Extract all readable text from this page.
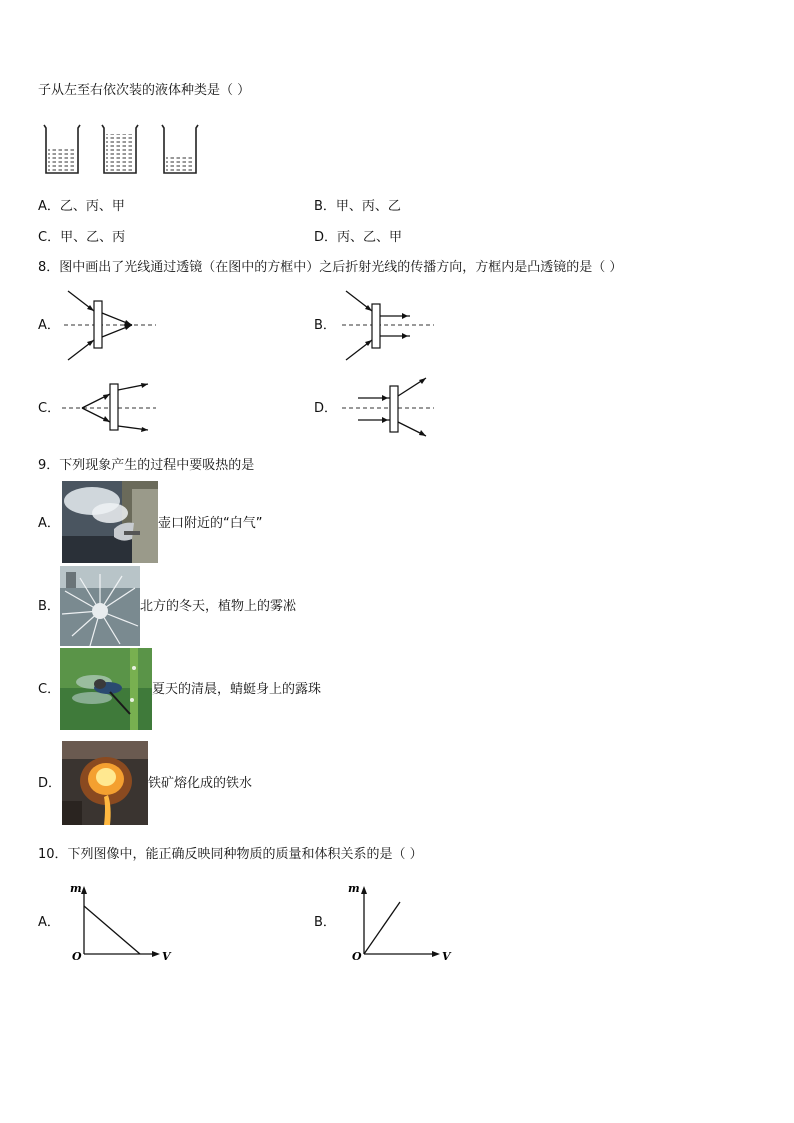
子从左至右依次装的液体种类是（ ）
A．乙、丙、甲	B．甲、丙、乙
C．甲、乙、丙	D．丙、乙、甲
8．图中画出了光线通过透镜（在图中的方框中）之后折射光线的传播方向，方框内是凸透镜的是（ ）
A．	B．
C．	D．
9．下列现象产生的过程中要吸热的是
A．	壶口附近的“白气”
B．	北方的冬天，植物上的雾凇
C．	夏天的清晨，蜻蜓身上的露珠
D．	铁矿熔化成的铁水
10．下列图像中，能正确反映同种物质的质量和体积关系的是（ ）
A．
m
O	V
B．
m
O	V
